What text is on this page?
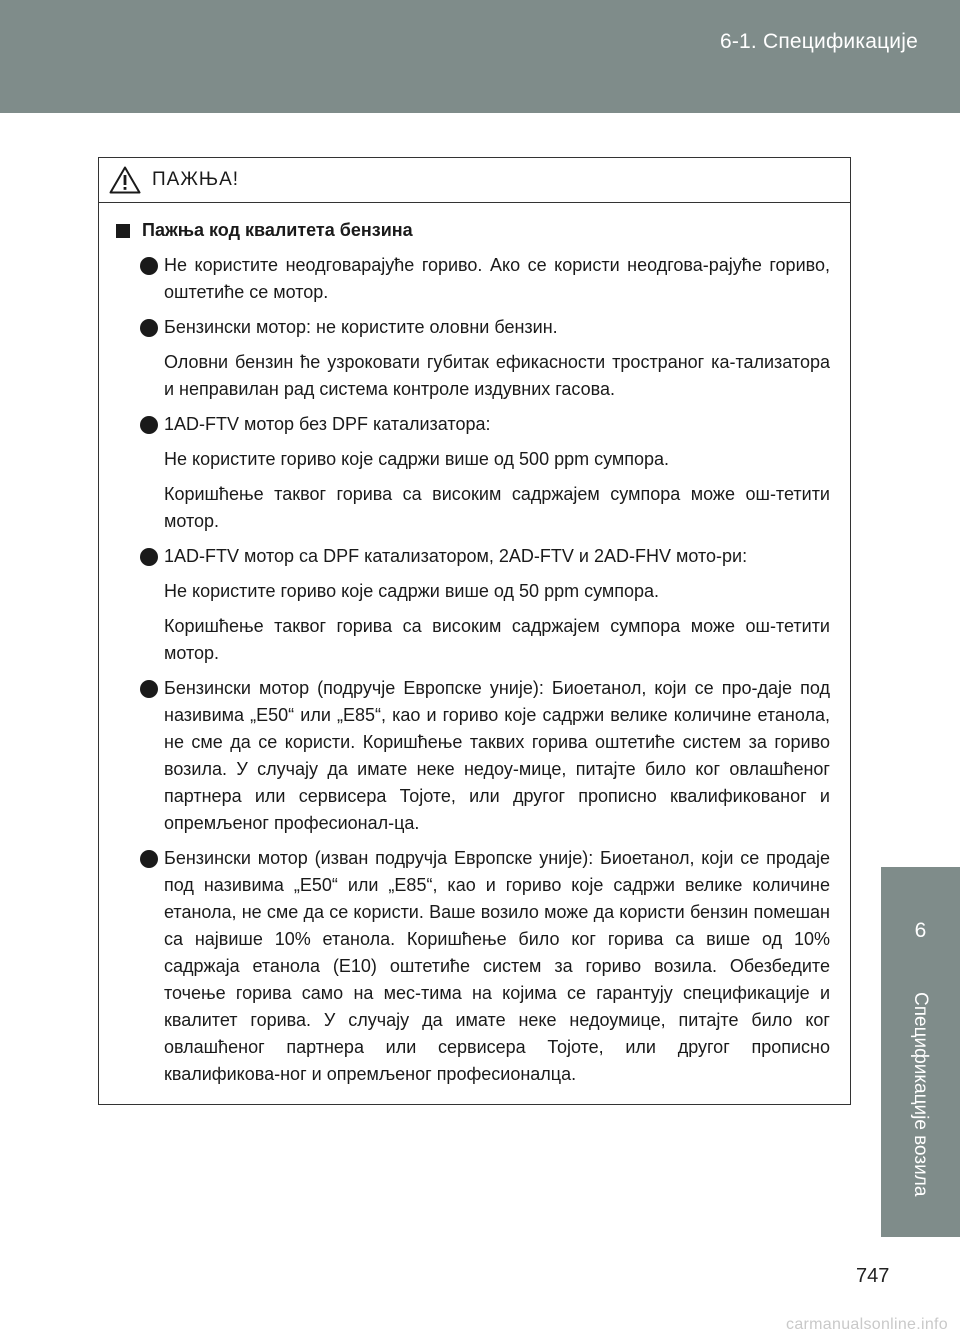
6-1. Спецификације
6
Спецификације возила
ПАЖЊА!
Пажња код квалитета бензина

Не користите неодговарајуће гориво. Ако се користи неодгова-рајуће гориво, оштетиће се мотор.

Бензински мотор: не користите оловни бензин.

Оловни бензин ће узроковати губитак ефикасности тространог ка-тализатора и неправилан рад система контроле издувних гасова.

1AD-FTV мотор без DPF катализатора:

Не користите гориво које садржи више од 500 ppm сумпора.

Коришћење таквог горива са високим садржајем сумпора може ош-тетити мотор.

1AD-FTV мотор са DPF катализатором, 2AD-FTV и 2AD-FHV мото-ри:

Не користите гориво које садржи више од 50 ppm сумпора.

Коришћење таквог горива са високим садржајем сумпора може ош-тетити мотор.

Бензински мотор (подручје Европске уније): Биоетанол, који се про-даје под називима „E50“ или „E85“, као и гориво које садржи велике количине етанола, не сме да се користи. Коришћење таквих горива оштетиће систем за гориво возила. У случају да имате неке недоу-мице, питајте било ког овлашћеног партнера или сервисера Тојоте, или другог прописно квалификованог и опремљеног професионал-ца.

Бензински мотор (изван подручја Европске уније): Биоетанол, који се продаје под називима „E50“ или „E85“, као и гориво које садржи велике количине етанола, не сме да се користи. Ваше возило може да користи бензин помешан са највише 10% етанола. Коришћење било ког горива са више од 10% садржаја етанола (E10) оштетиће систем за гориво возила. Обезбедите точење горива само на мес-тима на којима се гарантују спецификације и квалитет горива. У случају да имате неке недоумице, питајте било ког овлашћеног партнера или сервисера Тојоте, или другог прописно квалификова-ног и опремљеног професионалца.

747
carmanualsonline.info
